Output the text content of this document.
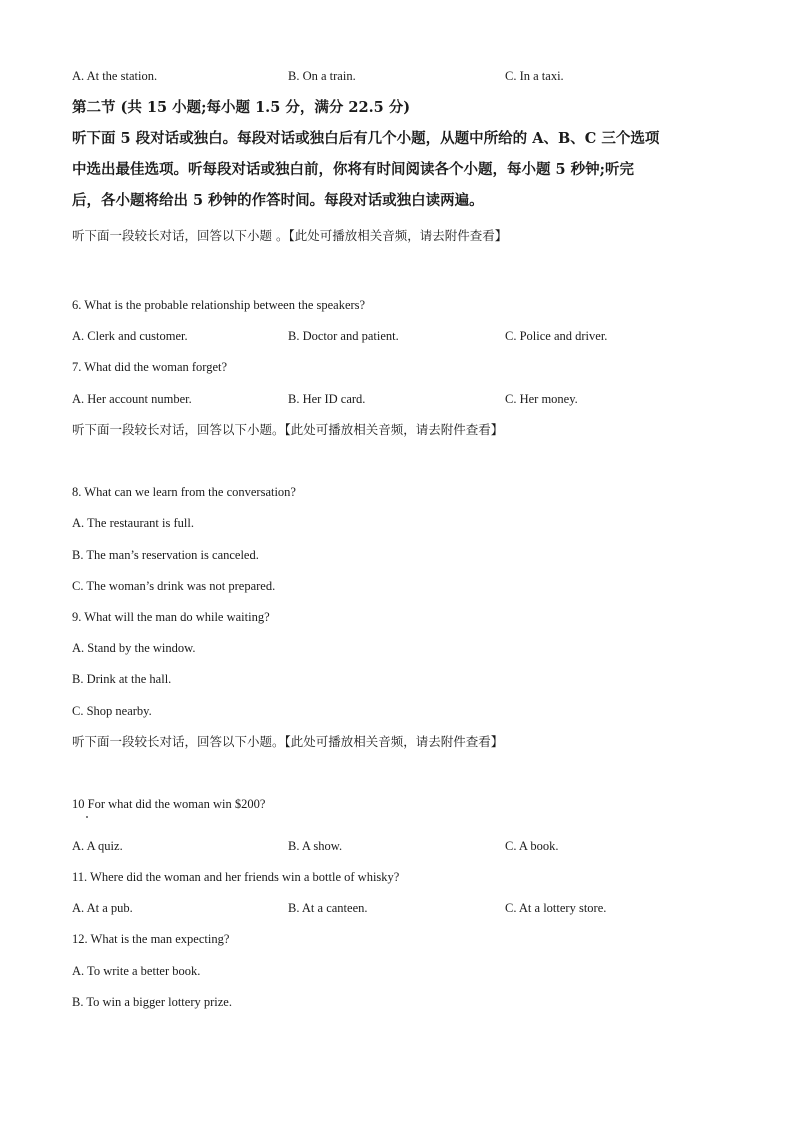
A. At the station.	B. On a train.	C. In a taxi.
第二节 (共 15 小题;每小题 1.5 分，满分 22.5 分)
听下面 5 段对话或独白。每段对话或独白后有几个小题，从题中所给的 A、B、C 三个选项
中选出最佳选项。听每段对话或独白前，你将有时间阅读各个小题，每小题 5 秒钟;听完
后，各小题将给出 5 秒钟的作答时间。每段对话或独白读两遍。
听下面一段较长对话，回答以下小题 。【此处可播放相关音频，请去附件查看】
6. What is the probable relationship between the speakers?
A. Clerk and customer.	B. Doctor and patient.	C. Police and driver.
7. What did the woman forget?
A. Her account number.	B. Her ID card.	C. Her money.
听下面一段较长对话，回答以下小题。【此处可播放相关音频，请去附件查看】
8. What can we learn from the conversation?
A. The restaurant is full.
B. The man’s reservation is canceled.
C. The woman’s drink was not prepared.
9. What will the man do while waiting?
A. Stand by the window.
B. Drink at the hall.
C. Shop nearby.
听下面一段较长对话，回答以下小题。【此处可播放相关音频，请去附件查看】
10 For what did the woman win $200?
A. A quiz.	B. A show.	C. A book.
11. Where did the woman and her friends win a bottle of whisky?
A. At a pub.	B. At a canteen.	C. At a lottery store.
12. What is the man expecting?
A. To write a better book.
B. To win a bigger lottery prize.
